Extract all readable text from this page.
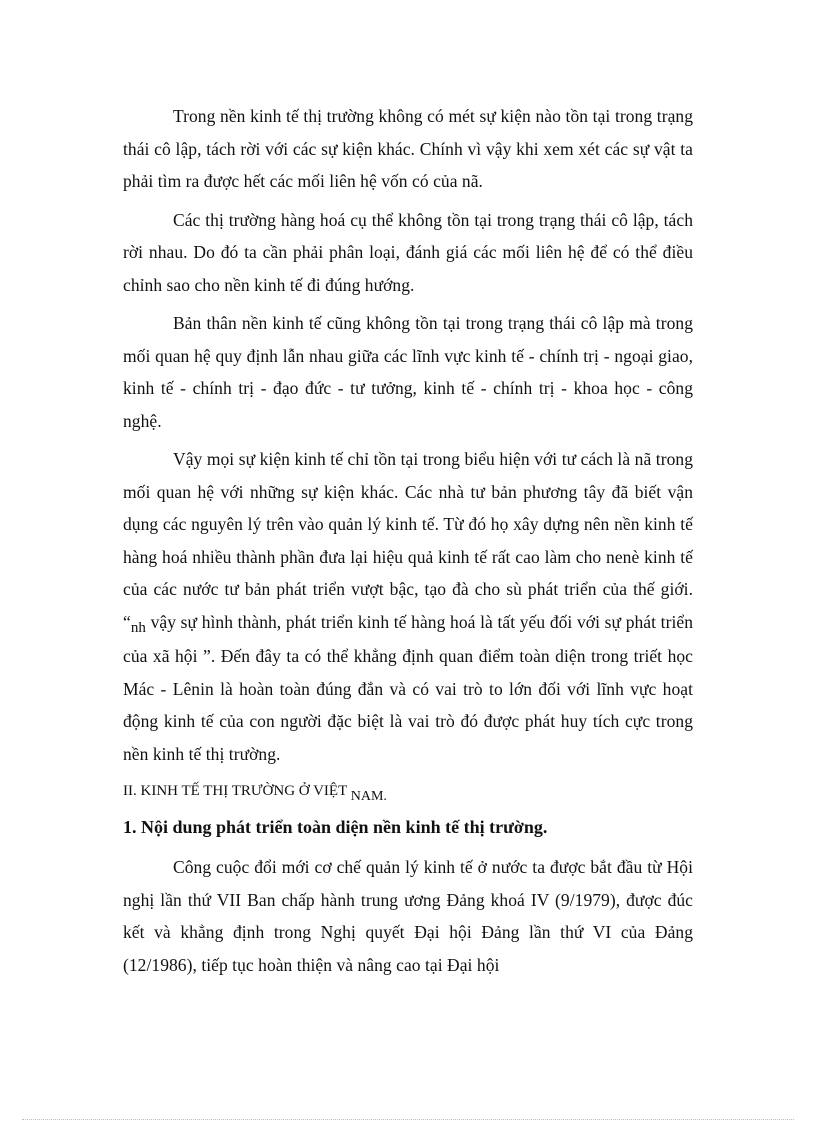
Trong nền kinh tế thị trường không có mét sự kiện nào tồn tại trong trạng thái cô lập, tách rời với các sự kiện khác. Chính vì vậy khi xem xét các sự vật ta phải tìm ra được hết các mối liên hệ vốn có của nã.

Các thị trường hàng hoá cụ thể không tồn tại trong trạng thái cô lập, tách rời nhau. Do đó ta cần phải phân loại, đánh giá các mối liên hệ để có thể điều chỉnh sao cho nền kinh tế đi đúng hướng.

Bản thân nền kinh tế cũng không tồn tại trong trạng thái cô lập mà trong mối quan hệ quy định lẫn nhau giữa các lĩnh vực kinh tế - chính trị - ngoại giao, kinh tế - chính trị - đạo đức - tư tưởng, kinh tế - chính trị - khoa học - công nghệ.

Vậy mọi sự kiện kinh tế chỉ tồn tại trong biểu hiện với tư cách là nã trong mối quan hệ với những sự kiện khác. Các nhà tư bản phương tây đã biết vận dụng các nguyên lý trên vào quản lý kinh tế. Từ đó họ xây dựng nên nền kinh tế hàng hoá nhiều thành phần đưa lại hiệu quả kinh tế rất cao làm cho nenè kinh tế của các nước tư bản phát triển vượt bậc, tạo đà cho sù phát triển của thế giới. “nh vậy sự hình thành, phát triển kinh tế hàng hoá là tất yếu đối với sự phát triển của xã hội ”. Đến đây ta có thể khẳng định quan điểm toàn diện trong triết học Mác - Lênin là hoàn toàn đúng đắn và có vai trò to lớn đối với lĩnh vực hoạt động kinh tế của con người đặc biệt là vai trò đó được phát huy tích cực trong nền kinh tế thị trường.

II. KINH TẾ THỊ TRƯỜNG Ở VIỆT NAM.
1. Nội dung phát triển toàn diện nền kinh tế thị trường.

Công cuộc đổi mới cơ chế quản lý kinh tế ở nước ta được bắt đầu từ Hội nghị lần thứ VII Ban chấp hành trung ương Đảng khoá IV (9/1979), được đúc kết và khẳng định trong Nghị quyết Đại hội Đảng lần thứ VI của Đảng (12/1986), tiếp tục hoàn thiện và nâng cao tại Đại hội
